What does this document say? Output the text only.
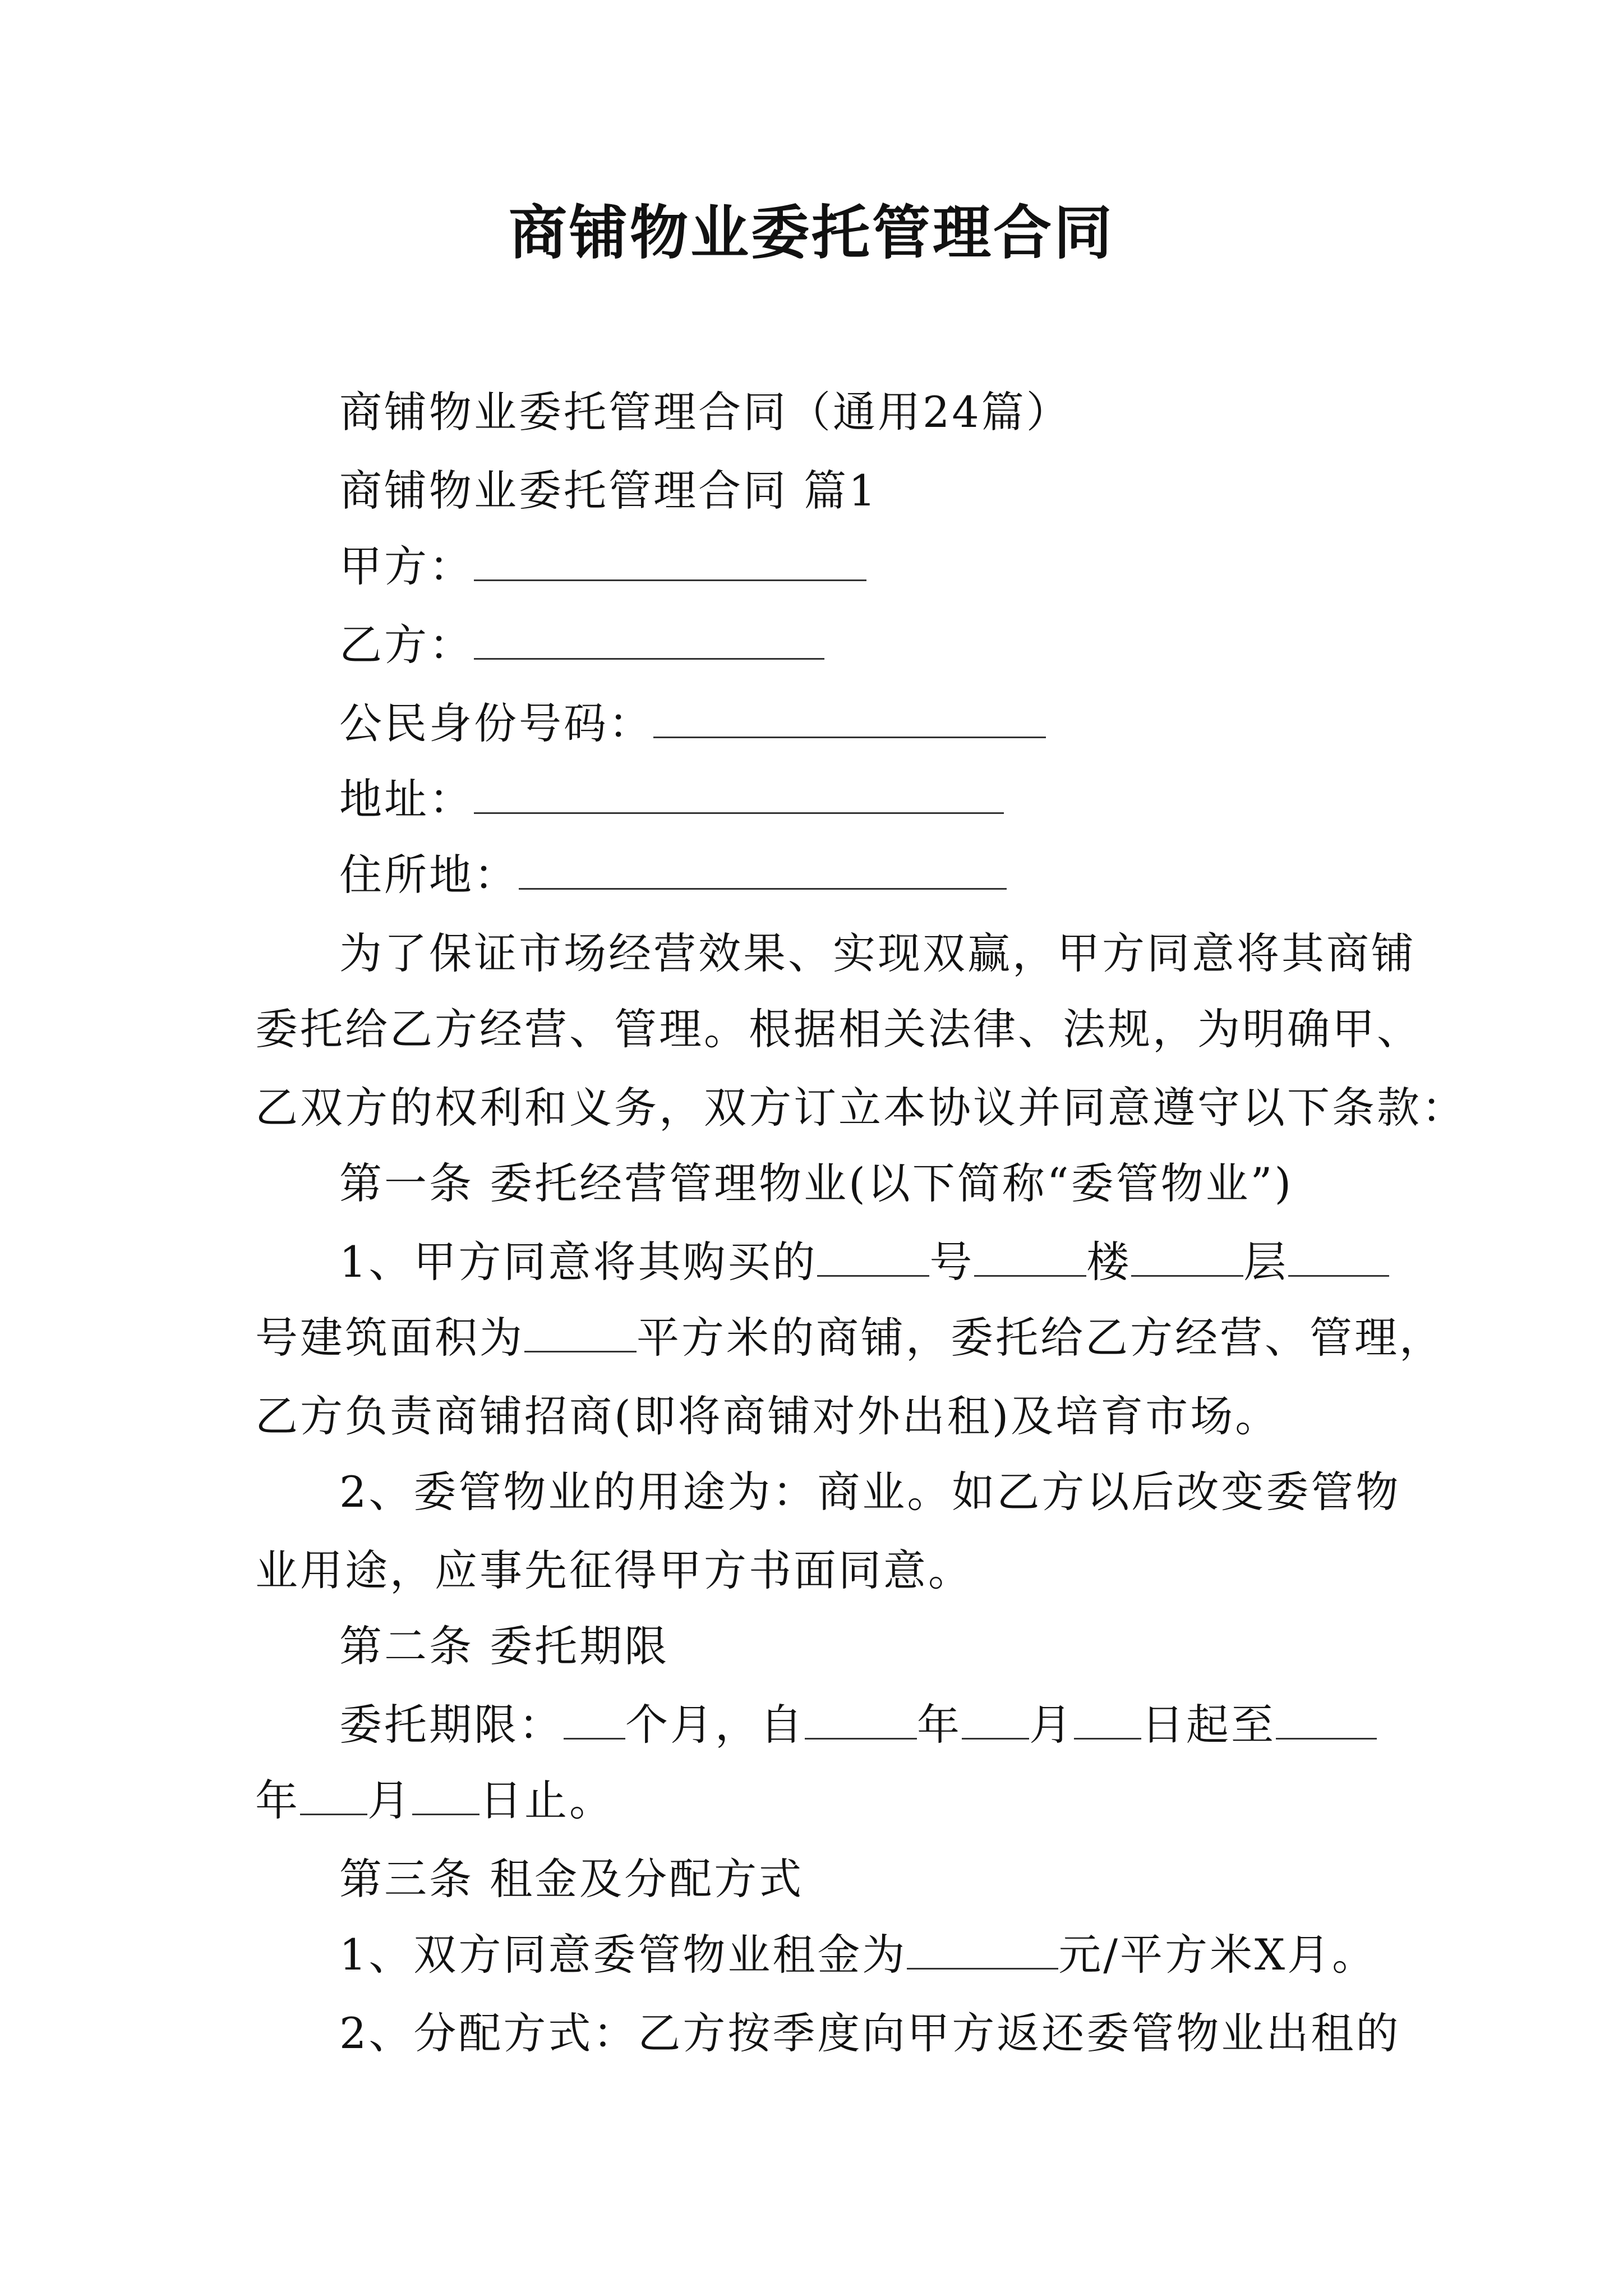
商铺物业委托管理合同
商铺物业委托管理合同（通用24篇）
商铺物业委托管理合同 篇1
甲方：
乙方：
公民身份号码：
地址：
住所地：
为了保证市场经营效果、实现双赢，甲方同意将其商铺
委托给乙方经营、管理。根据相关法律、法规，为明确甲、
乙双方的权利和义务，双方订立本协议并同意遵守以下条款：
第一条 委托经营管理物业(以下简称“委管物业”)
1、甲方同意将其购买的	号	楼	层
号建筑面积为	平方米的商铺，委托给乙方经营、管理，
乙方负责商铺招商(即将商铺对外出租)及培育市场。
2、委管物业的用途为：商业。如乙方以后改变委管物
业用途，应事先征得甲方书面同意。
第二条 委托期限
委托期限： 个月，自	年 月 日起至
年 月 日止。
第三条 租金及分配方式
1、双方同意委管物业租金为	元/平方米X月。
2、分配方式：乙方按季度向甲方返还委管物业出租的
